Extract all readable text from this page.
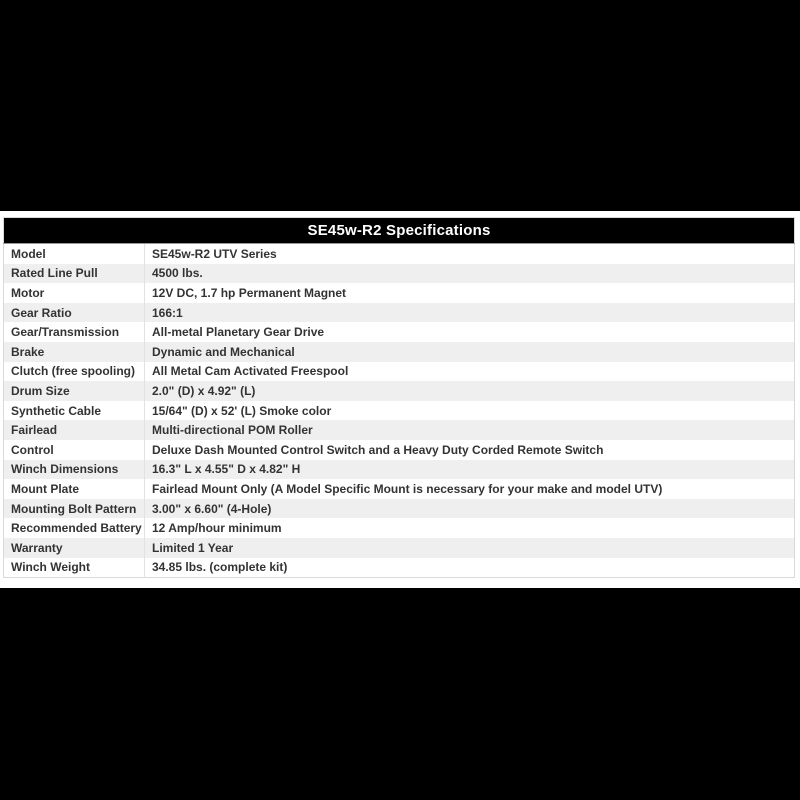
SE45w-R2 Specifications	
Model	SE45w-R2 UTV Series
Rated Line Pull	4500 lbs.
Motor	12V DC, 1.7 hp Permanent Magnet
Gear Ratio	166:1
Gear/Transmission	All-metal Planetary Gear Drive
Brake	Dynamic and Mechanical
Clutch (free spooling)	All Metal Cam Activated Freespool
Drum Size	2.0" (D) x 4.92" (L)
Synthetic Cable	15/64" (D) x 52' (L) Smoke color
Fairlead	Multi-directional POM Roller
Control	Deluxe Dash Mounted Control Switch and a Heavy Duty Corded Remote Switch
Winch Dimensions	16.3" L x 4.55" D x 4.82" H
Mount Plate	Fairlead Mount Only (A Model Specific Mount is necessary for your make and model UTV)
Mounting Bolt Pattern	3.00" x 6.60" (4-Hole)
Recommended Battery	12 Amp/hour minimum
Warranty	Limited 1 Year
Winch Weight	34.85 lbs. (complete kit)
